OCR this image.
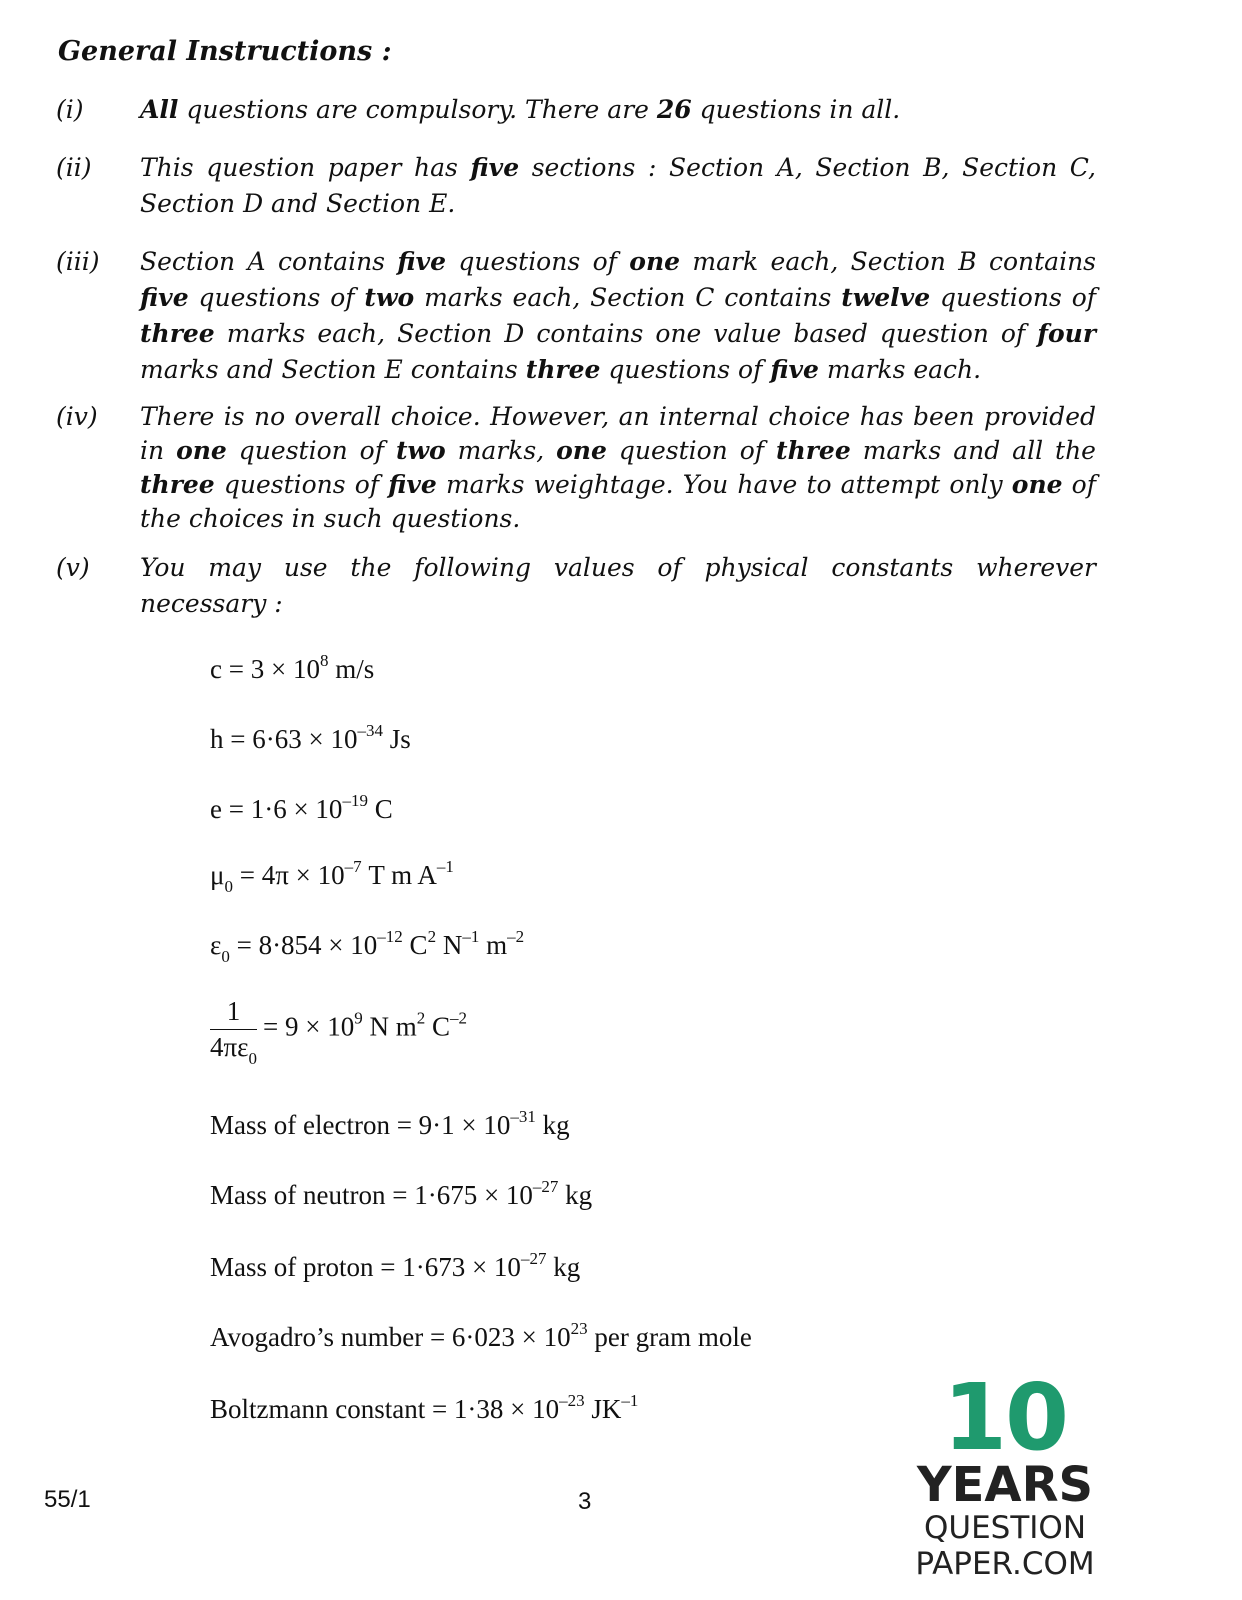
General Instructions :
(i)	All questions are compulsory. There are 26 questions in all.
(ii)	This question paper has five sections : Section A, Section B, Section C, Section D and Section E.
(iii)	Section A contains five questions of one mark each, Section B contains five questions of two marks each, Section C contains twelve questions of three marks each, Section D contains one value based question of four marks and Section E contains three questions of five marks each.
(iv)	There is no overall choice. However, an internal choice has been provided in one question of two marks, one question of three marks and all the three questions of five marks weightage. You have to attempt only one of the choices in such questions.
(v)	You may use the following values of physical constants wherever necessary :
$c = 3 \times 10^8$ m/s
$h = 6\cdot 63 \times 10^{-34}$ Js
$e = 1\cdot 6 \times 10^{-19}$ C
$\mu_0 = 4\pi \times 10^{-7}$ T m $A^{-1}$
$\varepsilon_0 = 8\cdot 854 \times 10^{-12}$ $C^2$ $N^{-1}$ $m^{-2}$
$\frac{1}{4\pi\varepsilon_0} = 9 \times 10^9$ N $m^2$ $C^{-2}$
Mass of electron = $9\cdot 1 \times 10^{-31}$ kg
Mass of neutron = $1\cdot 675 \times 10^{-27}$ kg
Mass of proton = $1\cdot 673 \times 10^{-27}$ kg
Avogadro’s number = $6\cdot 023 \times 10^{23}$ per gram mole
Boltzmann constant = $1\cdot 38 \times 10^{-23}$ $JK^{-1}$
55/1	3
10
YEARS
QUESTION PAPER.COM
